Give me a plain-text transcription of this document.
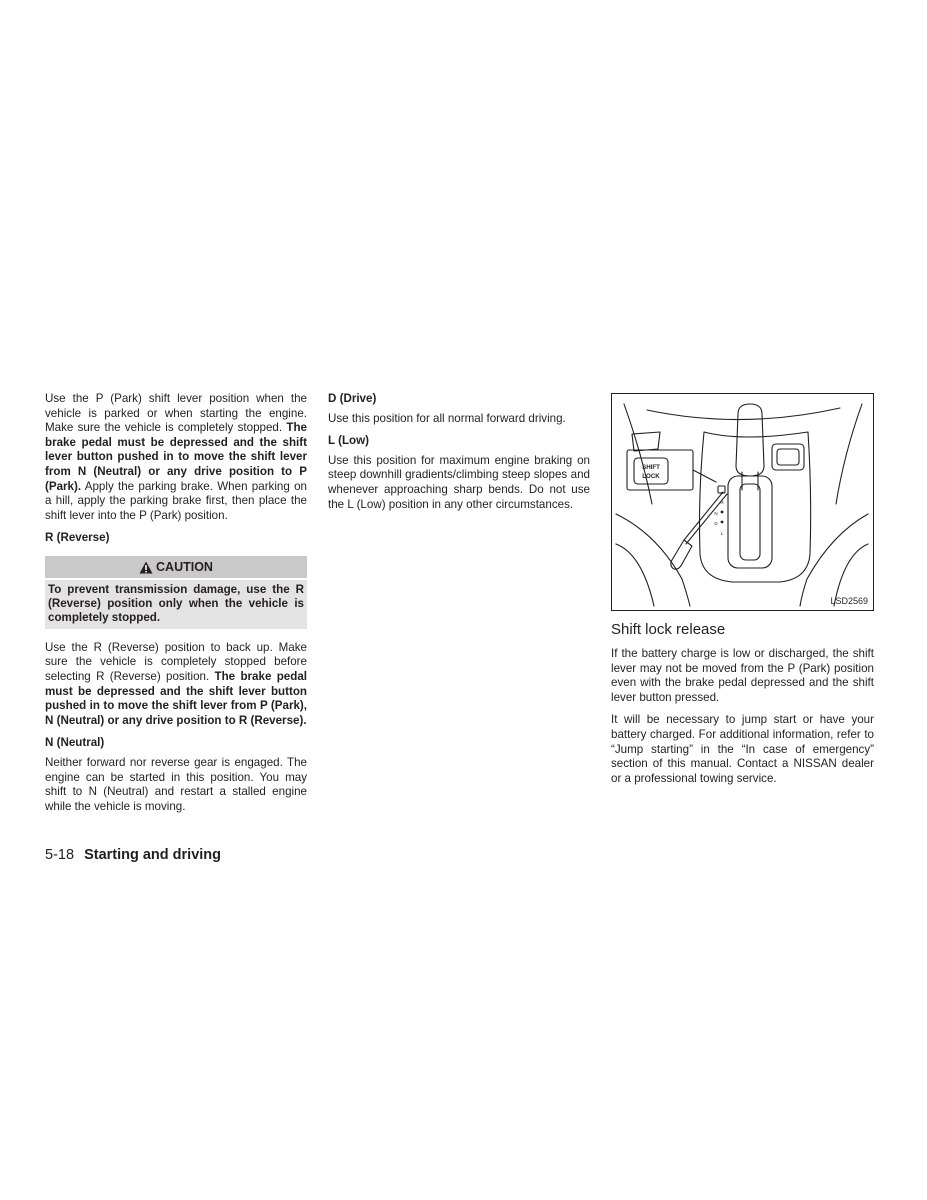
Use the P (Park) shift lever position when the vehicle is parked or when starting the engine. Make sure the vehicle is completely stopped. The brake pedal must be depressed and the shift lever button pushed in to move the shift lever from N (Neutral) or any drive position to P (Park). Apply the parking brake. When parking on a hill, apply the parking brake first, then place the shift lever into the P (Park) position.

R (Reverse)
CAUTION
To prevent transmission damage, use the R (Reverse) position only when the vehicle is completely stopped.

Use the R (Reverse) position to back up. Make sure the vehicle is completely stopped before selecting R (Reverse) position. The brake pedal must be depressed and the shift lever button pushed in to move the shift lever from P (Park), N (Neutral) or any drive position to R (Reverse).

N (Neutral)

Neither forward nor reverse gear is engaged. The engine can be started in this position. You may shift to N (Neutral) and restart a stalled engine while the vehicle is moving.

D (Drive)

Use this position for all normal forward driving.

L (Low)

Use this position for maximum engine braking on steep downhill gradients/climbing steep slopes and whenever approaching sharp bends. Do not use the L (Low) position in any other circumstances.

SHIFT
LOCK
P
R
N
D
L
LSD2569
Shift lock release

If the battery charge is low or discharged, the shift lever may not be moved from the P (Park) position even with the brake pedal depressed and the shift lever button pressed.

It will be necessary to jump start or have your battery charged. For additional information, refer to “Jump starting” in the “In case of emergency” section of this manual. Contact a NISSAN dealer or a professional towing service.

5-18 Starting and driving
